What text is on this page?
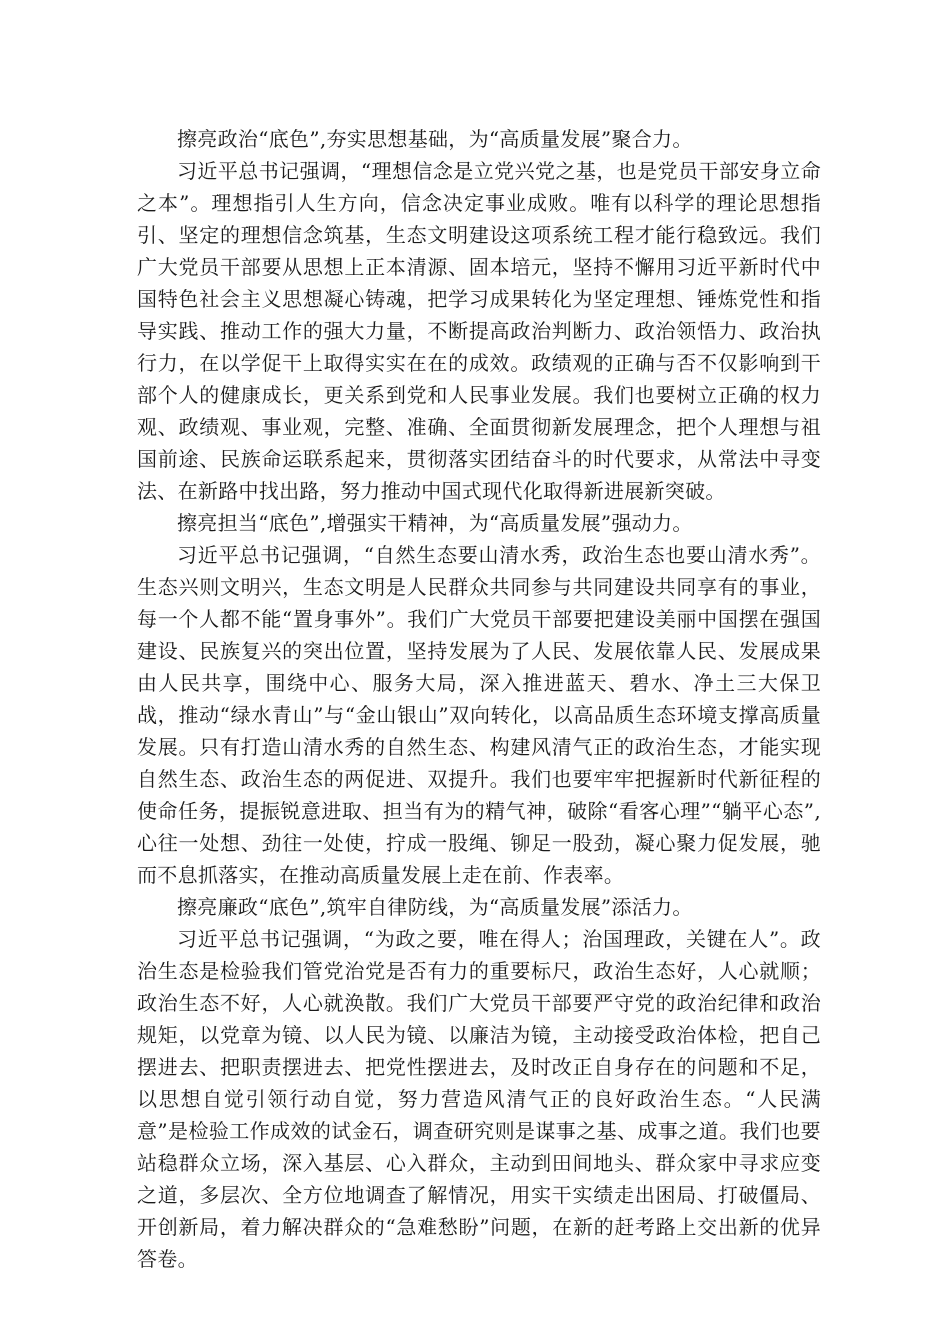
擦亮政治“底色”,夯实思想基础，为“高质量发展”聚合力。

习近平总书记强调，“理想信念是立党兴党之基，也是党员干部安身立命之本”。理想指引人生方向，信念决定事业成败。唯有以科学的理论思想指引、坚定的理想信念筑基，生态文明建设这项系统工程才能行稳致远。我们广大党员干部要从思想上正本清源、固本培元，坚持不懈用习近平新时代中国特色社会主义思想凝心铸魂，把学习成果转化为坚定理想、锤炼党性和指导实践、推动工作的强大力量，不断提高政治判断力、政治领悟力、政治执行力，在以学促干上取得实实在在的成效。政绩观的正确与否不仅影响到干部个人的健康成长，更关系到党和人民事业发展。我们也要树立正确的权力观、政绩观、事业观，完整、准确、全面贯彻新发展理念，把个人理想与祖国前途、民族命运联系起来，贯彻落实团结奋斗的时代要求，从常法中寻变法、在新路中找出路，努力推动中国式现代化取得新进展新突破。

擦亮担当“底色”,增强实干精神，为“高质量发展”强动力。

习近平总书记强调，“自然生态要山清水秀，政治生态也要山清水秀”。生态兴则文明兴，生态文明是人民群众共同参与共同建设共同享有的事业，每一个人都不能“置身事外”。我们广大党员干部要把建设美丽中国摆在强国建设、民族复兴的突出位置，坚持发展为了人民、发展依靠人民、发展成果由人民共享，围绕中心、服务大局，深入推进蓝天、碧水、净土三大保卫战，推动“绿水青山”与“金山银山”双向转化，以高品质生态环境支撑高质量发展。只有打造山清水秀的自然生态、构建风清气正的政治生态，才能实现自然生态、政治生态的两促进、双提升。我们也要牢牢把握新时代新征程的使命任务，提振锐意进取、担当有为的精气神，破除“看客心理”“躺平心态”,心往一处想、劲往一处使，拧成一股绳、铆足一股劲，凝心聚力促发展，驰而不息抓落实，在推动高质量发展上走在前、作表率。

擦亮廉政“底色”,筑牢自律防线，为“高质量发展”添活力。

习近平总书记强调，“为政之要，唯在得人；治国理政，关键在人”。政治生态是检验我们管党治党是否有力的重要标尺，政治生态好，人心就顺；政治生态不好，人心就涣散。我们广大党员干部要严守党的政治纪律和政治规矩，以党章为镜、以人民为镜、以廉洁为镜，主动接受政治体检，把自己摆进去、把职责摆进去、把党性摆进去，及时改正自身存在的问题和不足，以思想自觉引领行动自觉，努力营造风清气正的良好政治生态。“人民满意”是检验工作成效的试金石，调查研究则是谋事之基、成事之道。我们也要站稳群众立场，深入基层、心入群众，主动到田间地头、群众家中寻求应变之道，多层次、全方位地调查了解情况，用实干实绩走出困局、打破僵局、开创新局，着力解决群众的“急难愁盼”问题，在新的赶考路上交出新的优异答卷。
